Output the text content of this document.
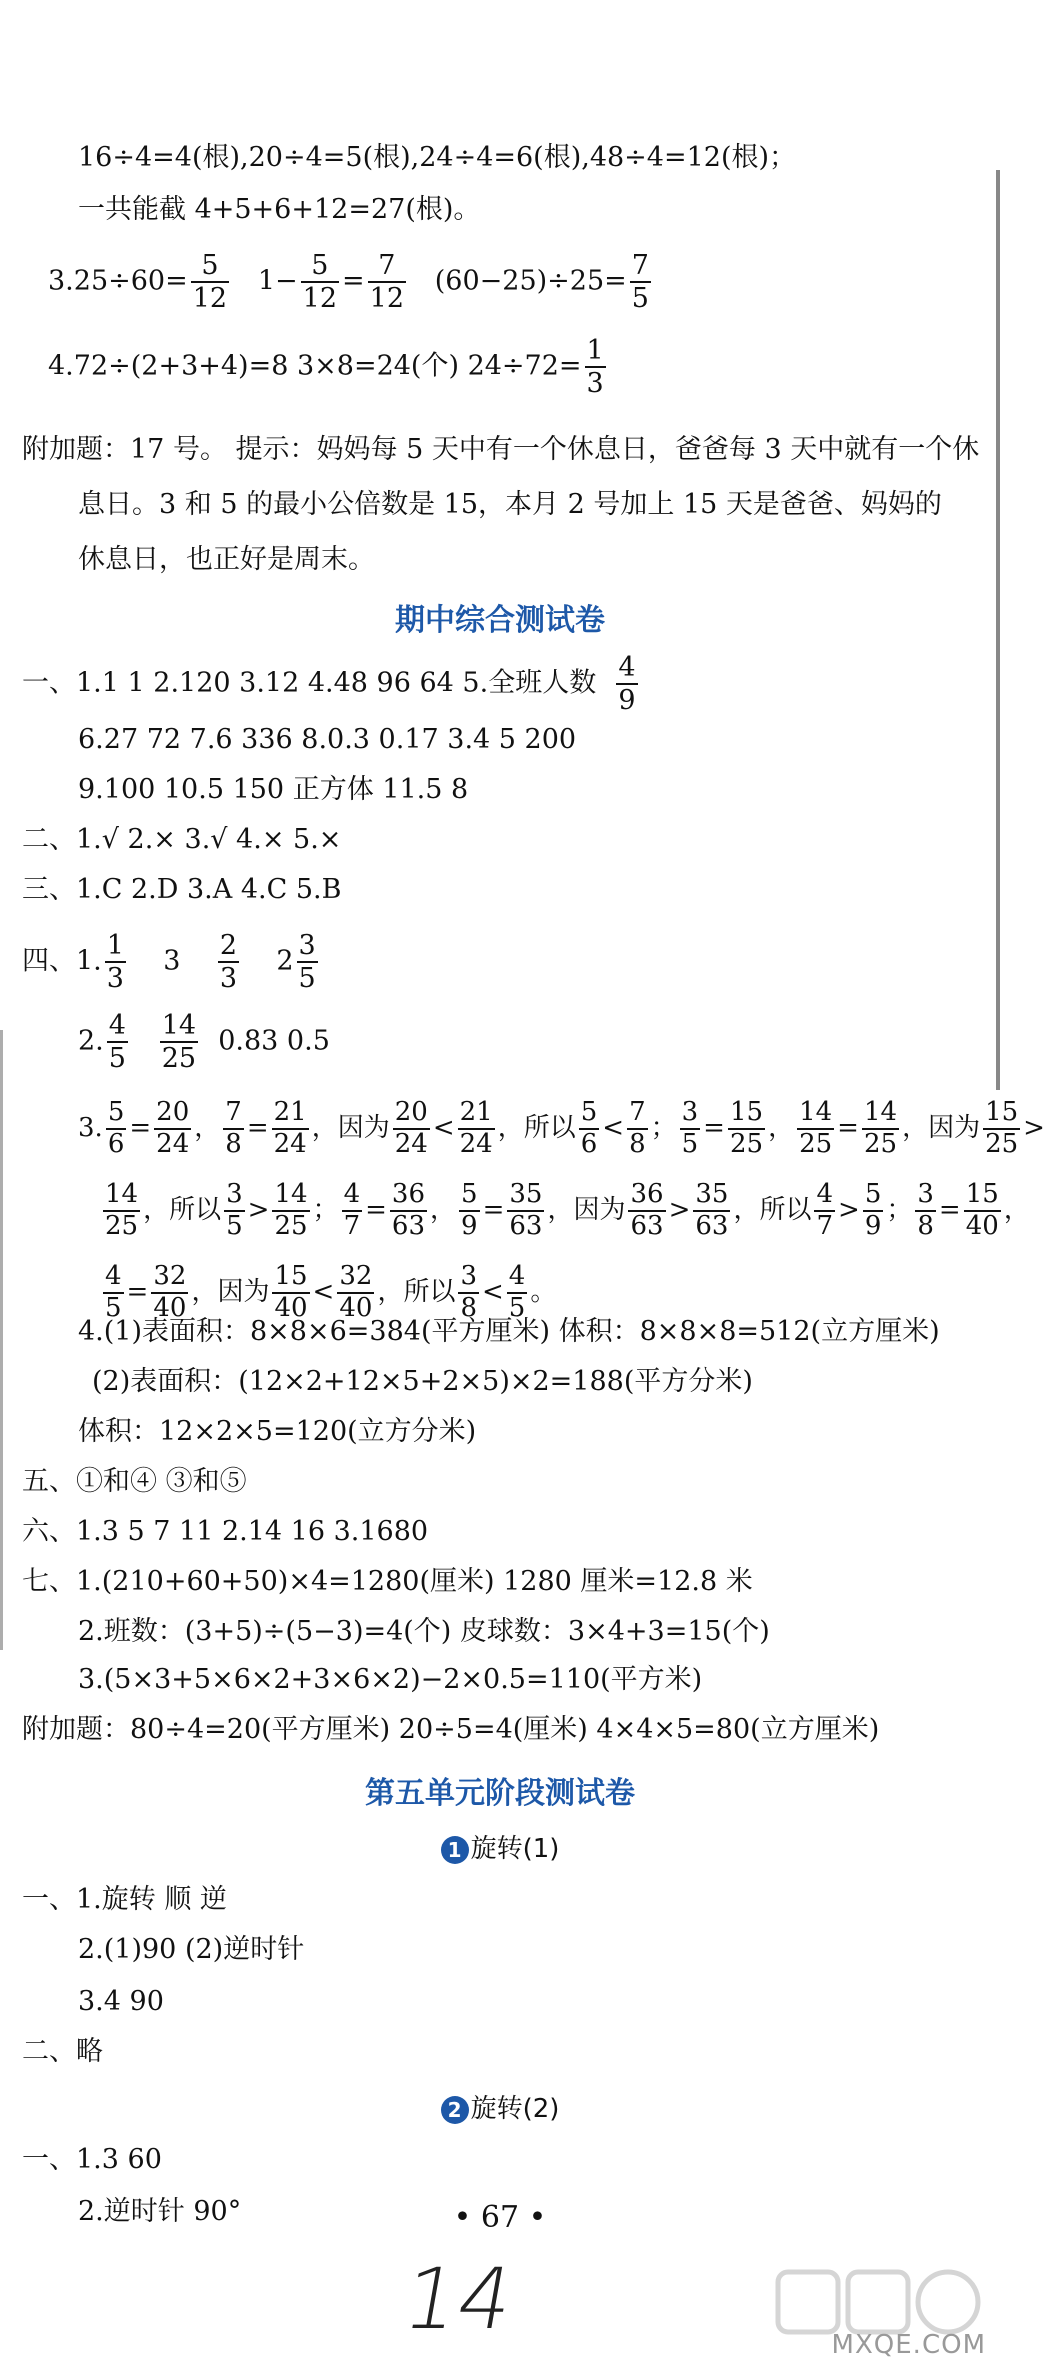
16÷4=4(根),20÷4=5(根),24÷4=6(根),48÷4=12(根)；
一共能截 4+5+6+12=27(根)。
$3.25\div 60= \frac{5}{12} 1- \frac{5}{12} = \frac{7}{12} (60-25)\div 25= \frac{7}{5}$
4.72÷(2+3+4)=8 3×8=24(个) $24\div 72= \frac{1}{3}$
附加题：17 号。 提示：妈妈每 5 天中有一个休息日，爸爸每 3 天中就有一个休
息日。3 和 5 的最小公倍数是 15，本月 2 号加上 15 天是爸爸、妈妈的
休息日，也正好是周末。
期中综合测试卷
一、1.1 1 2.120 3.12 4.48 96 64 5.全班人数 $\frac{4}{9}$
6.27 72 7.6 336 8.0.3 0.17 3.4 5 200
9.100 10.5 150 正方体 11.5 8
二、1.√ 2.× 3.√ 4.× 5.×
三、1.C 2.D 3.A 4.C 5.B
四、1. $\frac{1}{3} 3 \frac{2}{3} 2 \frac{3}{5}$
2. $\frac{4}{5}$
$\frac{14}{25} 0.83$ 0.5
3. $\frac{5}{6} = \frac{20}{24}$ ， $\frac{7}{8} = \frac{21}{24}$ ，因为 $\frac{20}{24} < \frac{21}{24}$ ，所以 $\frac{5}{6} < \frac{7}{8}$ ； $\frac{3}{5} = \frac{15}{25}$ ， $\frac{14}{25} = \frac{14}{25}$ ，因为 $\frac{15}{25}$ >
$\frac{14}{25}$ ，所以 $\frac{3}{5} > \frac{14}{25}$ ； $\frac{4}{7} = \frac{36}{63}$ ， $\frac{5}{9} = \frac{35}{63}$ ，因为 $\frac{36}{63} > \frac{35}{63}$ ，所以 $\frac{4}{7} > \frac{5}{9}$ ； $\frac{3}{8} = \frac{15}{40}$ ，
$\frac{4}{5} = \frac{32}{40}$ ，因为 $\frac{15}{40} < \frac{32}{40}$ ，所以 $\frac{3}{8} < \frac{4}{5}$ 。
4.(1)表面积：8×8×6=384(平方厘米) 体积：8×8×8=512(立方厘米)
(2)表面积：(12×2+12×5+2×5)×2=188(平方分米)
体积：12×2×5=120(立方分米)
五、①和④ ③和⑤
六、1.3 5 7 11 2.14 16 3.1680
七、1.(210+60+50)×4=1280(厘米) 1280 厘米=12.8 米
2.班数：(3+5)÷(5−3)=4(个) 皮球数：3×4+3=15(个)
3.(5×3+5×6×2+3×6×2)−2×0.5=110(平方米)
附加题：80÷4=20(平方厘米) 20÷5=4(厘米) 4×4×5=80(立方厘米)
第五单元阶段测试卷
1 旋转(1)
一、1.旋转 顺 逆
2.(1)90 (2)逆时针
3.4 90
二、略
2 旋转(2)
一、1.3 60
2.逆时针 90°	• 67 •
14	MXQE.COM
